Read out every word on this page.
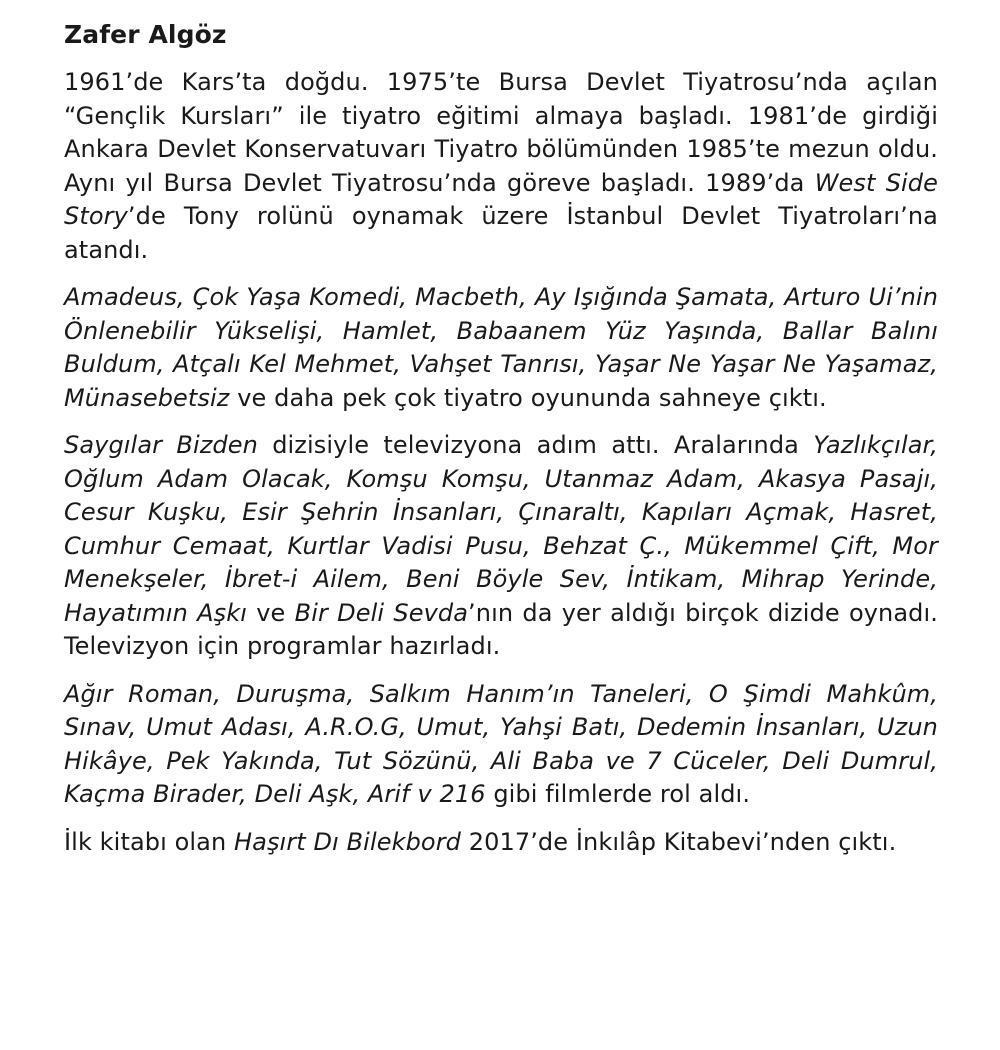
Zafer Algöz

1961’de Kars’ta doğdu. 1975’te Bursa Devlet Tiyatrosu’nda açılan “Gençlik Kursları” ile tiyatro eğitimi almaya başladı. 1981’de girdiği Ankara Devlet Konservatuvarı Tiyatro bölümünden 1985’te mezun oldu. Aynı yıl Bursa Devlet Tiyatrosu’nda göreve başladı. 1989’da West Side Story’de Tony rolünü oynamak üzere İstanbul Devlet Tiyatroları’na atandı.

Amadeus, Çok Yaşa Komedi, Macbeth, Ay Işığında Şamata, Arturo Ui’nin Önlenebilir Yükselişi, Hamlet, Babaanem Yüz Yaşında, Ballar Balını Buldum, Atçalı Kel Mehmet, Vahşet Tanrısı, Yaşar Ne Yaşar Ne Yaşamaz, Münasebetsiz ve daha pek çok tiyatro oyununda sahneye çıktı.

Saygılar Bizden dizisiyle televizyona adım attı. Aralarında Yazlıkçılar, Oğlum Adam Olacak, Komşu Komşu, Utanmaz Adam, Akasya Pasajı, Cesur Kuşku, Esir Şehrin İnsanları, Çınaraltı, Kapıları Açmak, Hasret, Cumhur Cemaat, Kurtlar Vadisi Pusu, Behzat Ç., Mükemmel Çift, Mor Menekşeler, İbret-i Ailem, Beni Böyle Sev, İntikam, Mihrap Yerinde, Hayatımın Aşkı ve Bir Deli Sevda’nın da yer aldığı birçok dizide oynadı. Televizyon için programlar hazırladı.

Ağır Roman, Duruşma, Salkım Hanım’ın Taneleri, O Şimdi Mahkûm, Sınav, Umut Adası, A.R.O.G, Umut, Yahşi Batı, Dedemin İnsanları, Uzun Hikâye, Pek Yakında, Tut Sözünü, Ali Baba ve 7 Cüceler, Deli Dumrul, Kaçma Birader, Deli Aşk, Arif v 216 gibi filmlerde rol aldı.

İlk kitabı olan Haşırt Dı Bilekbord 2017’de İnkılâp Kitabevi’nden çıktı.
